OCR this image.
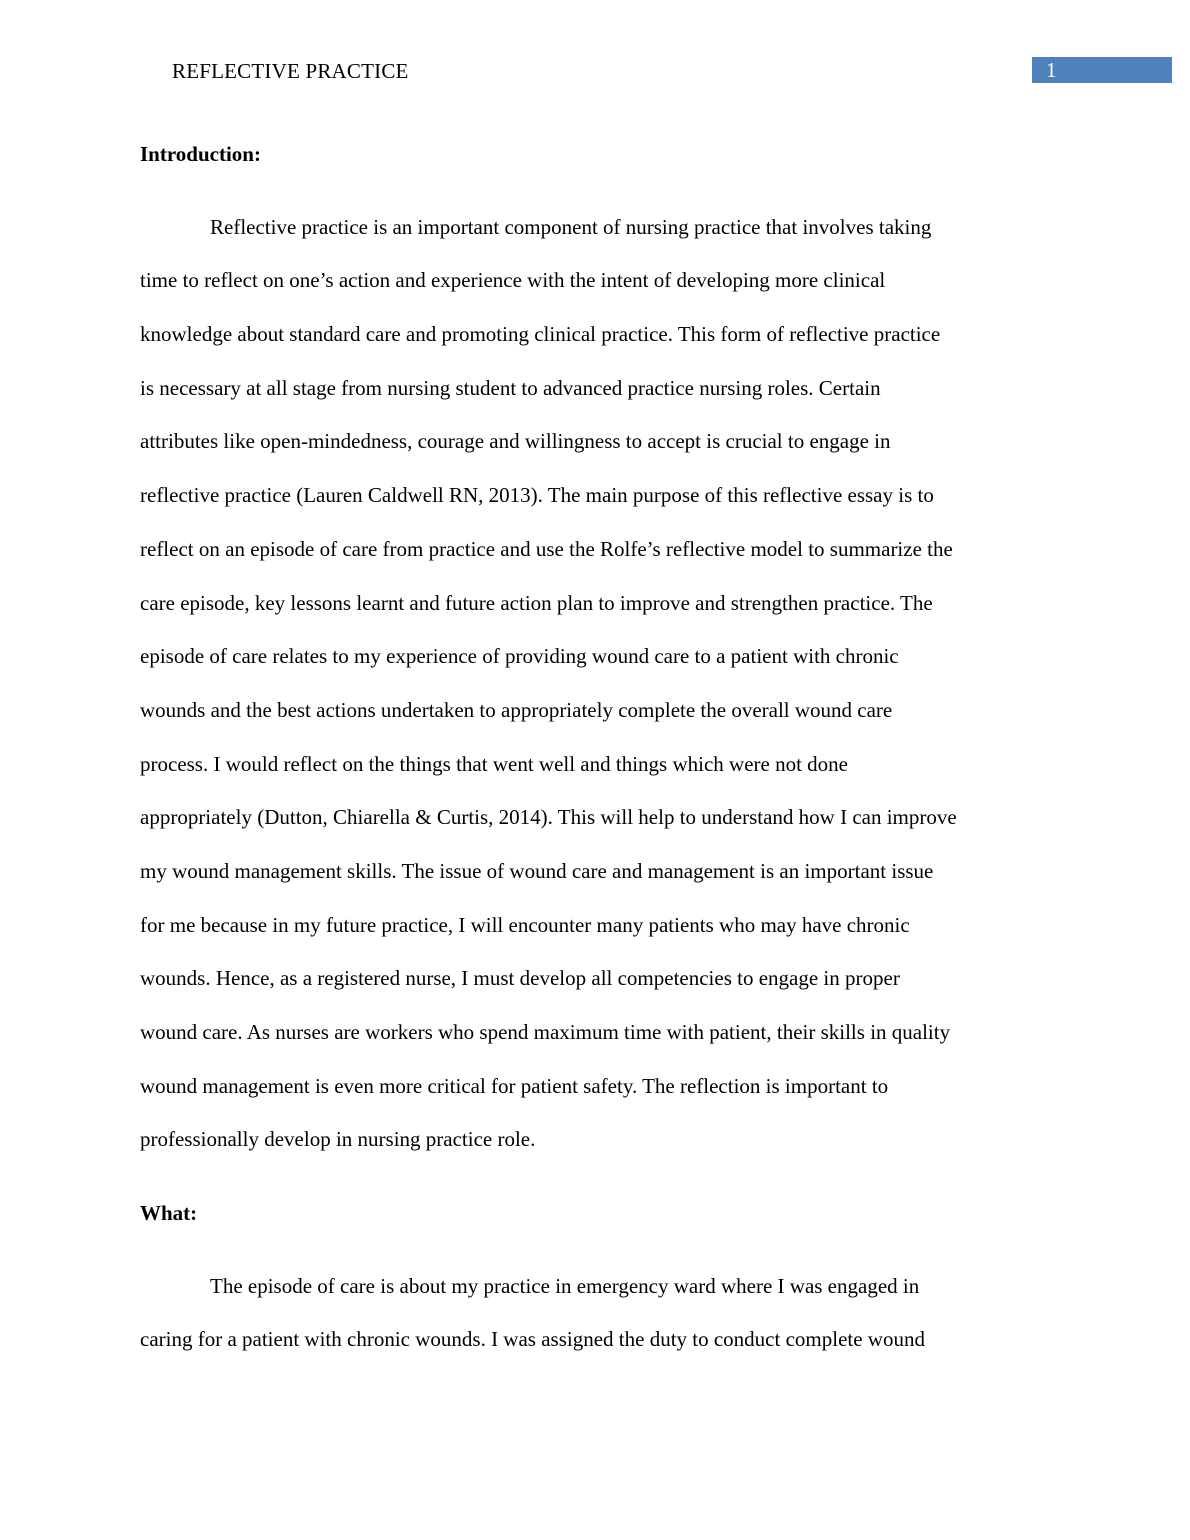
REFLECTIVE PRACTICE	1
Introduction:
Reflective practice is an important component of nursing practice that involves taking
time to reflect on one’s action and experience with the intent of developing more clinical
knowledge about standard care and promoting clinical practice. This form of reflective practice
is necessary at all stage from nursing student to advanced practice nursing roles. Certain
attributes like open-mindedness, courage and willingness to accept is crucial to engage in
reflective practice (Lauren Caldwell RN, 2013). The main purpose of this reflective essay is to
reflect on an episode of care from practice and use the Rolfe’s reflective model to summarize the
care episode, key lessons learnt and future action plan to improve and strengthen practice. The
episode of care relates to my experience of providing wound care to a patient with chronic
wounds and the best actions undertaken to appropriately complete the overall wound care
process. I would reflect on the things that went well and things which were not done
appropriately (Dutton, Chiarella & Curtis, 2014). This will help to understand how I can improve
my wound management skills. The issue of wound care and management is an important issue
for me because in my future practice, I will encounter many patients who may have chronic
wounds. Hence, as a registered nurse, I must develop all competencies to engage in proper
wound care. As nurses are workers who spend maximum time with patient, their skills in quality
wound management is even more critical for patient safety. The reflection is important to
professionally develop in nursing practice role.
What:
The episode of care is about my practice in emergency ward where I was engaged in
caring for a patient with chronic wounds. I was assigned the duty to conduct complete wound
